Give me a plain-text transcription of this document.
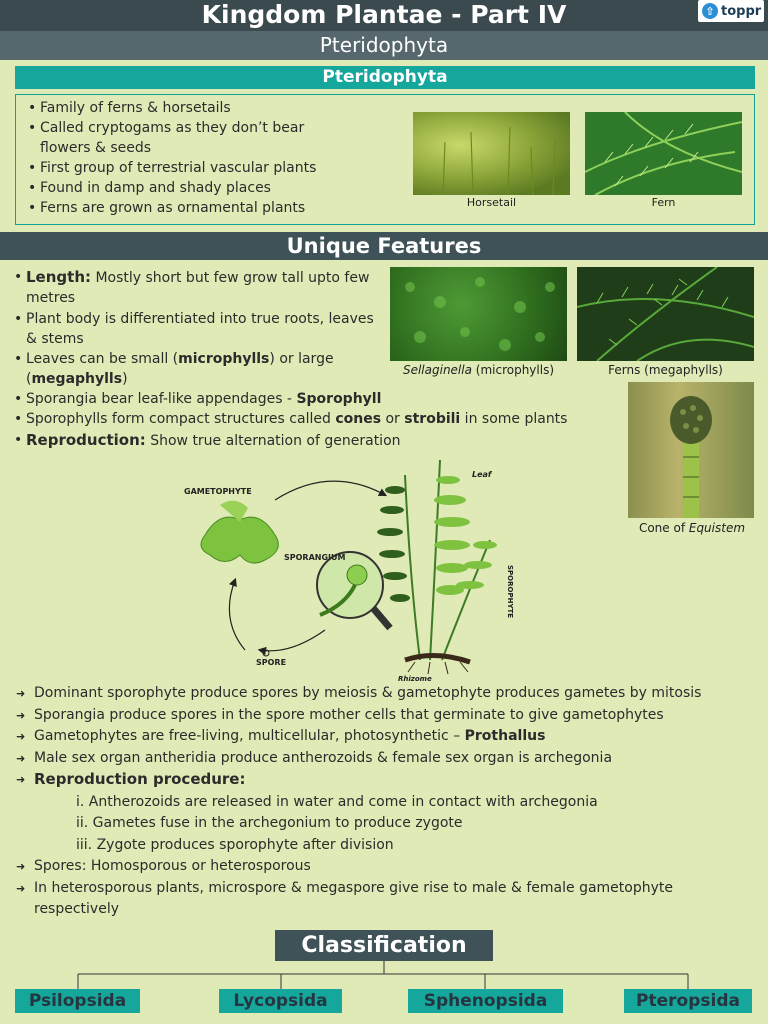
Kingdom Plantae - Part IV	⇧ toppr
Pteridophyta
Pteridophyta
• Family of ferns & horsetails
• Called cryptogams as they don’t bear flowers & seeds
• First group of terrestrial vascular plants
• Found in damp and shady places
• Ferns are grown as ornamental plants	Horsetail	Fern
Unique Features
• Length: Mostly short but few grow tall upto few metres
• Plant body is differentiated into true roots, leaves & stems
• Leaves can be small (microphylls) or large (megaphylls)
• Sporangia bear leaf-like appendages - Sporophyll
• Sporophylls form compact structures called cones or strobili in some plants
• Reproduction: Show true alternation of generation
Sellaginella (microphylls)	Ferns (megaphylls)
Cone of Equistem
GAMETOPHYTE
SPORANGIUM
SPORE
Leaf
SPOROPHYTE
Rhizome
➜ Dominant sporophyte produce spores by meiosis & gametophyte produces gametes by mitosis
➜ Sporangia produce spores in the spore mother cells that germinate to give gametophytes
➜ Gametophytes are free-living, multicellular, photosynthetic – Prothallus
➜ Male sex organ antheridia produce antherozoids & female sex organ is archegonia
➜ Reproduction procedure:
i. Antherozoids are released in water and come in contact with archegonia
ii. Gametes fuse in the archegonium to produce zygote
iii. Zygote produces sporophyte after division
➜ Spores: Homosporous or heterosporous
➜ In heterosporous plants, microspore & megaspore give rise to male & female gametophyte respectively
Classification
Psilopsida	Lycopsida	Sphenopsida	Pteropsida
